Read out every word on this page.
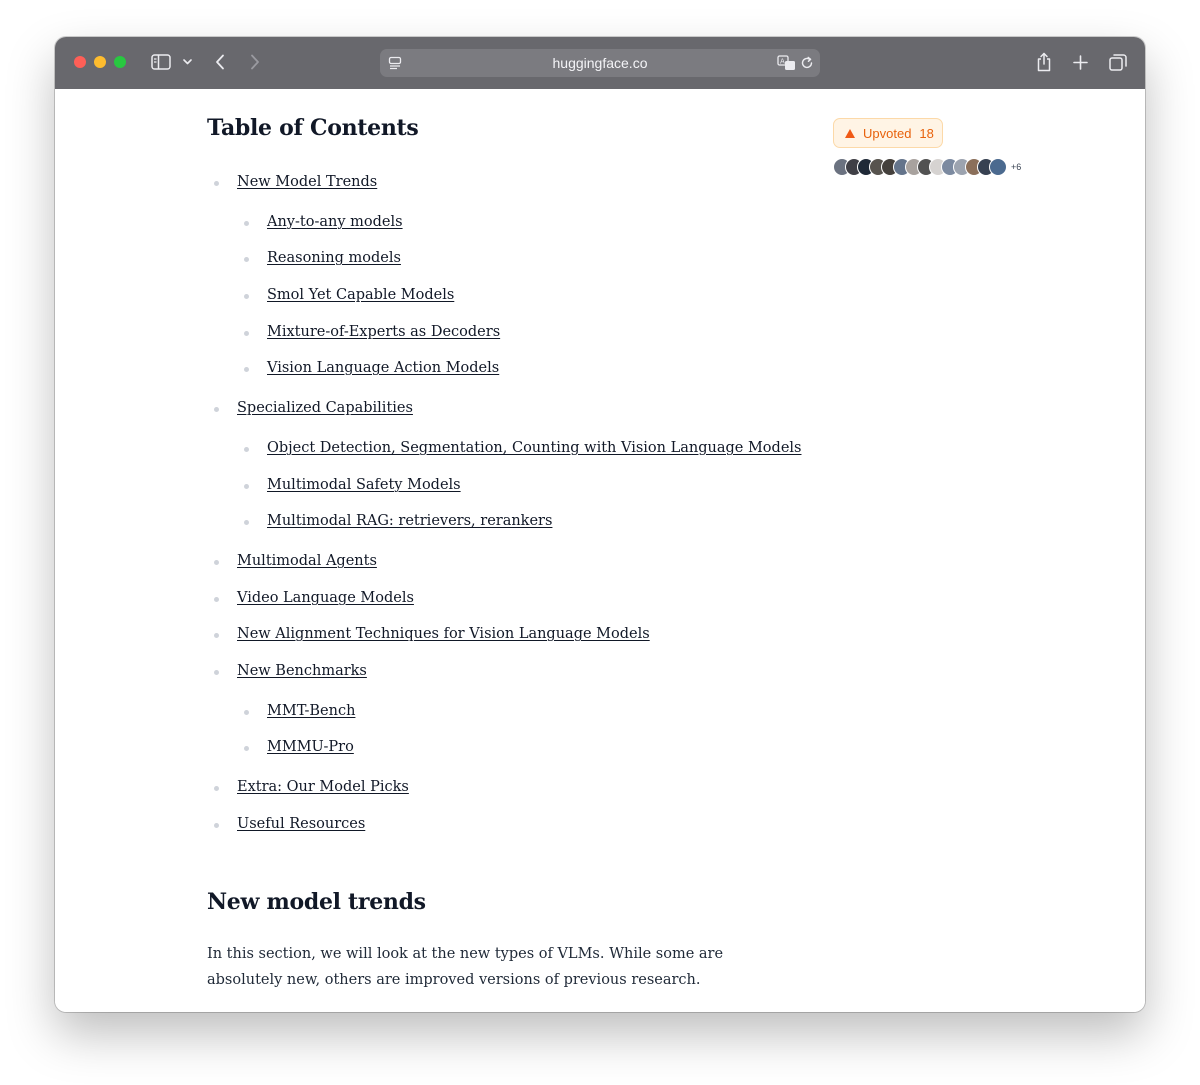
huggingface.co	A
Table of Contents
New Model Trends
Any-to-any models
Reasoning models
Smol Yet Capable Models
Mixture-of-Experts as Decoders
Vision Language Action Models
Specialized Capabilities
Object Detection, Segmentation, Counting with Vision Language Models
Multimodal Safety Models
Multimodal RAG: retrievers, rerankers
Multimodal Agents
Video Language Models
New Alignment Techniques for Vision Language Models
New Benchmarks
MMT-Bench
MMMU-Pro
Extra: Our Model Picks
Useful Resources
New model trends

In this section, we will look at the new types of VLMs. While some are absolutely new, others are improved versions of previous research.

Upvoted 18
+6
